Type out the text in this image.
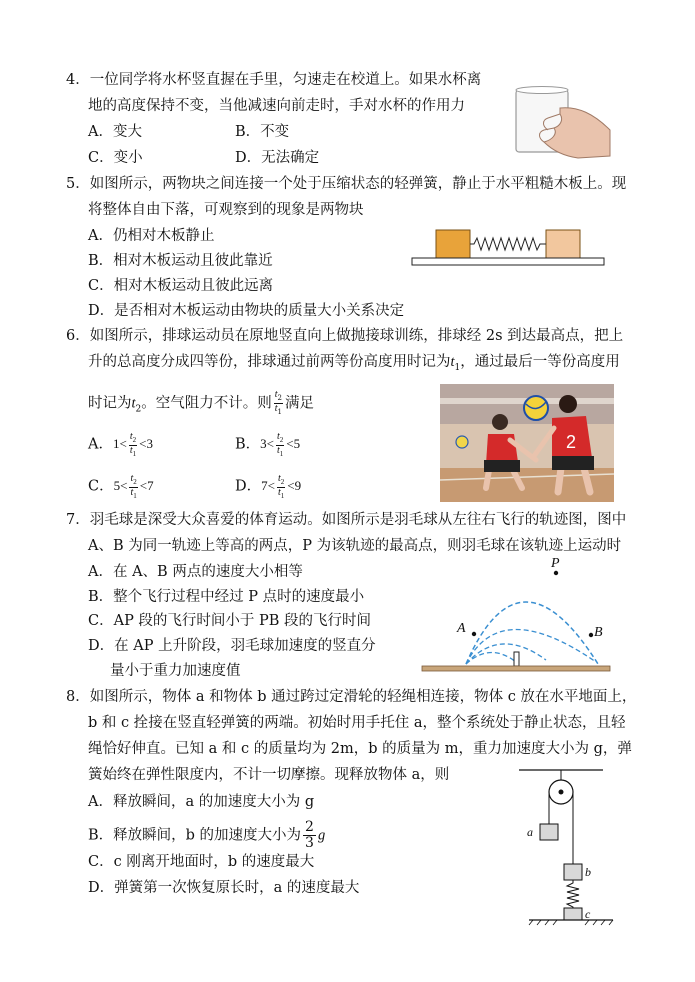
4．一位同学将水杯竖直握在手里，匀速走在校道上。如果水杯离
地的高度保持不变，当他减速向前走时，手对水杯的作用力
A．变大	B．不变
C．变小	D．无法确定
5．如图所示，两物块之间连接一个处于压缩状态的轻弹簧，静止于水平粗糙木板上。现
将整体自由下落，可观察到的现象是两物块
A．仍相对木板静止
B．相对木板运动且彼此靠近
C．相对木板运动且彼此远离
D．是否相对木板运动由物块的质量大小关系决定
6．如图所示，排球运动员在原地竖直向上做抛接球训练，排球经 2s 到达最高点，把上
升的总高度分成四等份，排球通过前两等份高度用时记为$t_1$，通过最后一等份高度用
时记为$t_2$。空气阻力不计。则 $\frac{t_2}{t_1}$ 满足
A．$1< \frac{t_2}{t_1} <3$	B．$3< \frac{t_2}{t_1} <5$
C．$5< \frac{t_2}{t_1} <7$	D．$7< \frac{t_2}{t_1} <9$
2
7．羽毛球是深受大众喜爱的体育运动。如图所示是羽毛球从左往右飞行的轨迹图，图中
A、B 为同一轨迹上等高的两点，P 为该轨迹的最高点，则羽毛球在该轨迹上运动时
A．在 A、B 两点的速度大小相等
B．整个飞行过程中经过 P 点时的速度最小
C．AP 段的飞行时间小于 PB 段的飞行时间
D．在 AP 上升阶段，羽毛球加速度的竖直分
量小于重力加速度值
P
A	B
8．如图所示，物体 a 和物体 b 通过跨过定滑轮的轻绳相连接，物体 c 放在水平地面上，
b 和 c 拴接在竖直轻弹簧的两端。初始时用手托住 a，整个系统处于静止状态，且轻
绳恰好伸直。已知 a 和 c 的质量均为 2m，b 的质量为 m，重力加速度大小为 g，弹
簧始终在弹性限度内，不计一切摩擦。现释放物体 a，则
A．释放瞬间，a 的加速度大小为 g
B．释放瞬间，b 的加速度大小为 $\frac{2}{3}$ g
C．c 刚离开地面时，b 的速度最大
D．弹簧第一次恢复原长时，a 的速度最大
a
b
c
